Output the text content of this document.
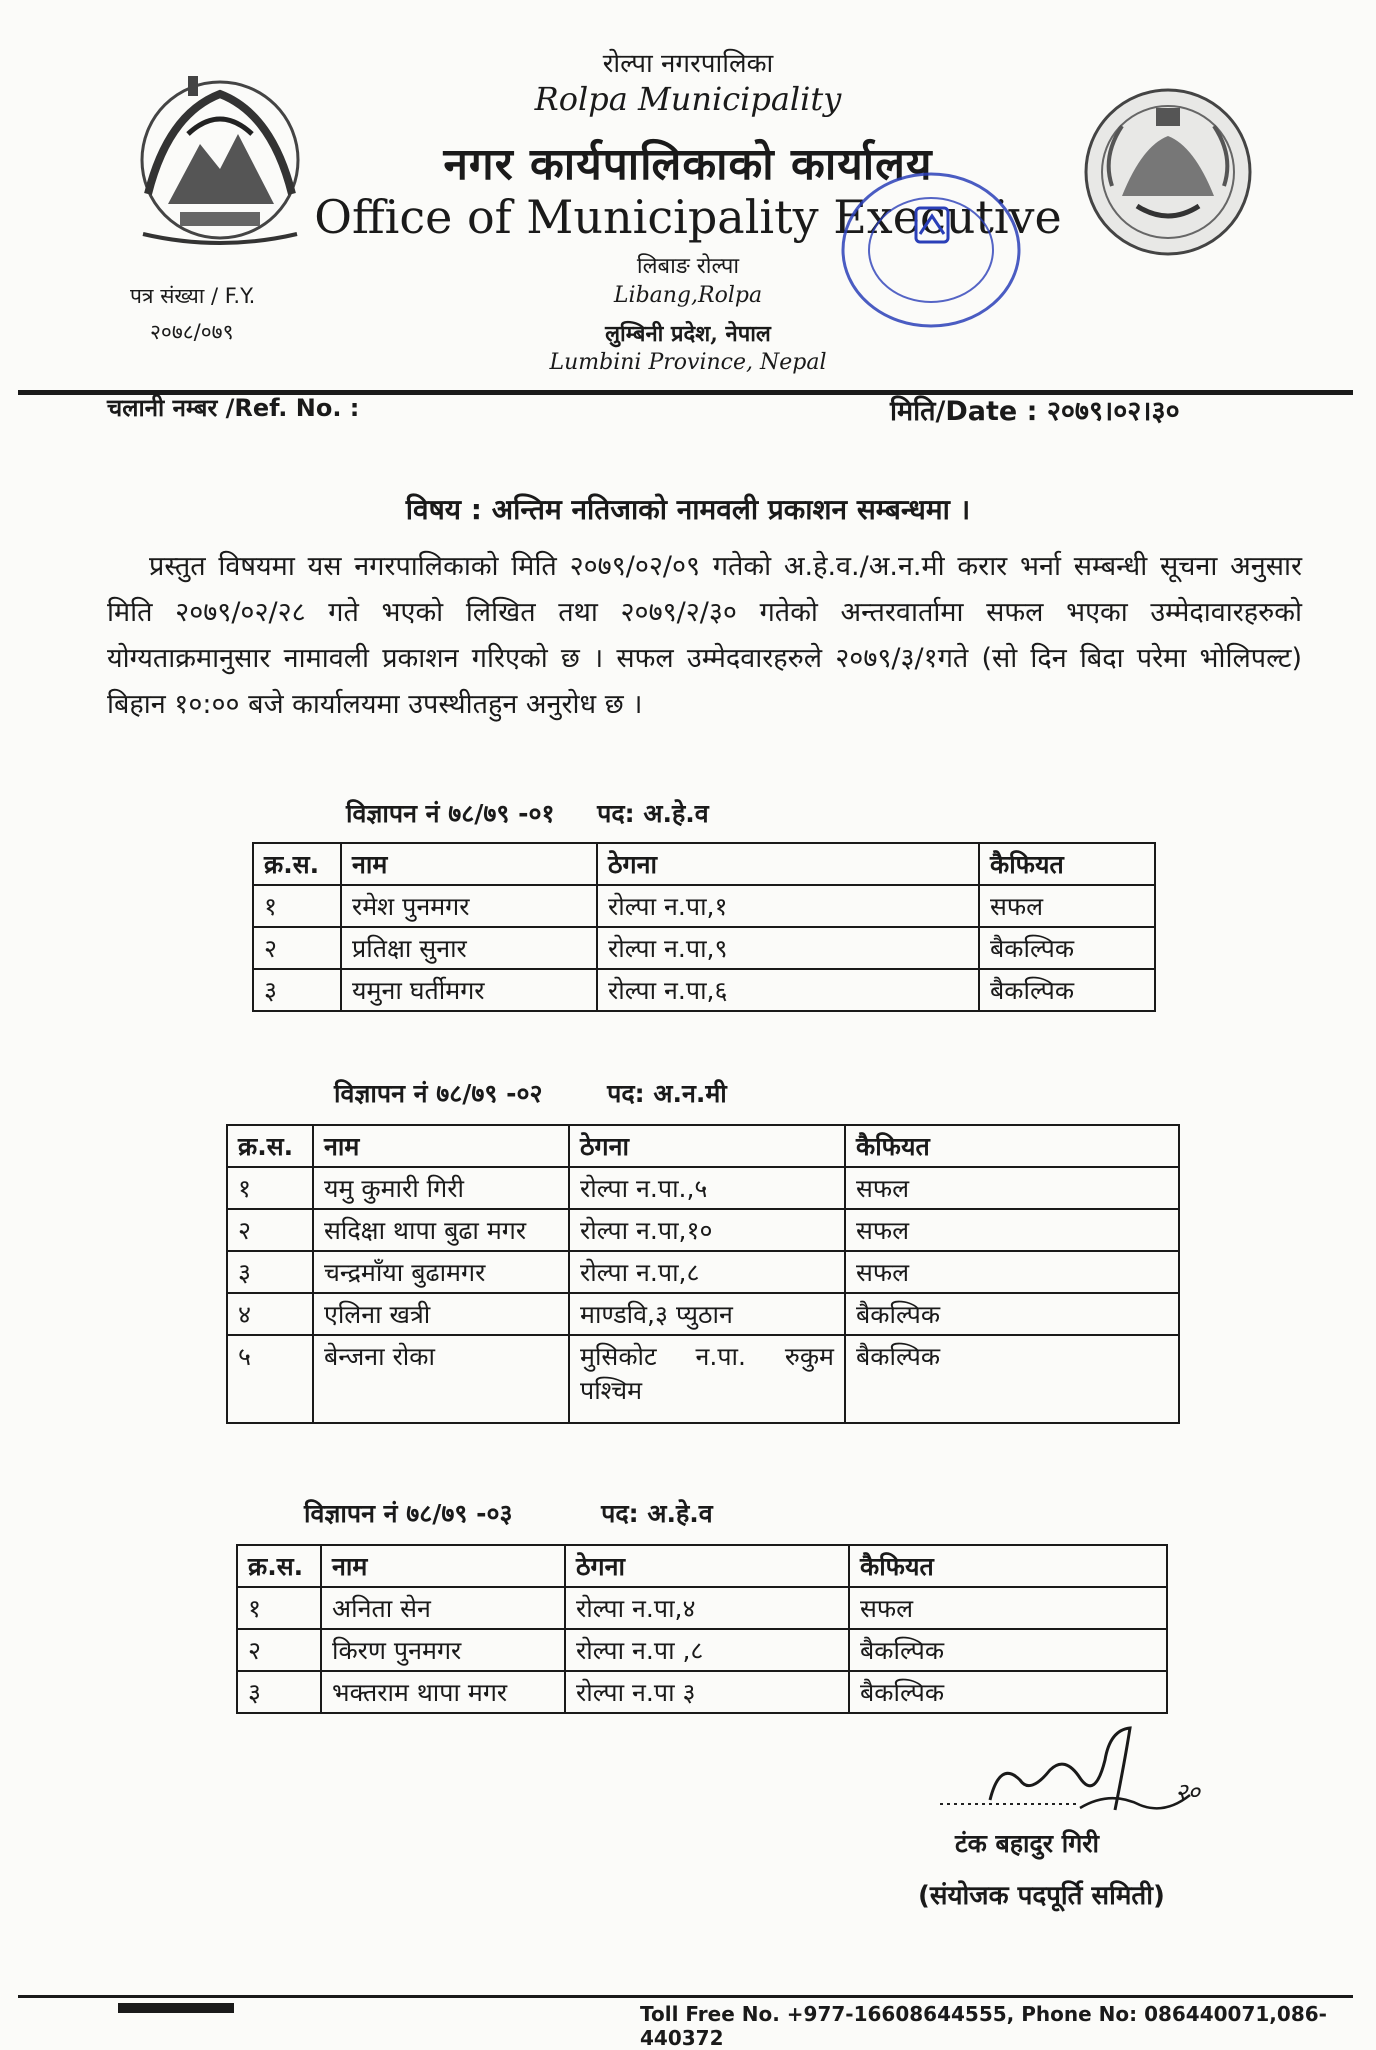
रोल्पा नगरपालिका
Rolpa Municipality
नगर कार्यपालिकाको कार्यालय
Office of Municipality Executive
लिबाङ रोल्पा
Libang,Rolpa
लुम्बिनी प्रदेश, नेपाल
Lumbini Province, Nepal
पत्र संख्या / F.Y.
२०७८/०७९
चलानी नम्बर /Ref. No. :	मिति/Date : २०७९।०२।३०
विषय : अन्तिम नतिजाको नामवली प्रकाशन सम्बन्धमा ।
प्रस्तुत विषयमा यस नगरपालिकाको मिति २०७९/०२/०९ गतेको अ.हे.व./अ.न.मी करार भर्ना सम्बन्धी सूचना अनुसार मिति २०७९/०२/२८ गते भएको लिखित तथा २०७९/२/३० गतेको अन्तरवार्तामा सफल भएका उम्मेदावारहरुको योग्यताक्रमानुसार नामावली प्रकाशन गरिएको छ । सफल उम्मेदवारहरुले २०७९/३/१गते (सो दिन बिदा परेमा भोलिपल्ट) बिहान १०:०० बजे कार्यालयमा उपस्थीतहुन अनुरोध छ ।
विज्ञापन नं ७८/७९ -०१ पद: अ.हे.व
क्र.स.	नाम	ठेगना	कैफियत
१	रमेश पुनमगर	रोल्पा न.पा,१	सफल
२	प्रतिक्षा सुनार	रोल्पा न.पा,९	बैकल्पिक
३	यमुना घर्तीमगर	रोल्पा न.पा,६	बैकल्पिक
विज्ञापन नं ७८/७९ -०२	पद: अ.न.मी
क्र.स.	नाम	ठेगना	कैफियत
१	यमु कुमारी गिरी	रोल्पा न.पा.,५	सफल
२	सदिक्षा थापा बुढा मगर	रोल्पा न.पा,१०	सफल
३	चन्द्रमाँया बुढामगर	रोल्पा न.पा,८	सफल
४	एलिना खत्री	माण्डवि,३ प्युठान	बैकल्पिक
५	बेन्जना रोका	मुसिकोट न.पा. रुकुम पश्चिम	बैकल्पिक
विज्ञापन नं ७८/७९ -०३	पद: अ.हे.व
क्र.स.	नाम	ठेगना	कैफियत
१	अनिता सेन	रोल्पा न.पा,४	सफल
२	किरण पुनमगर	रोल्पा न.पा ,८	बैकल्पिक
३	भक्तराम थापा मगर	रोल्पा न.पा ३	बैकल्पिक
२०
टंक बहादुर गिरी
(संयोजक पदपूर्ति समिती)
Toll Free No. +977-16608644555, Phone No: 086440071,086-440372
